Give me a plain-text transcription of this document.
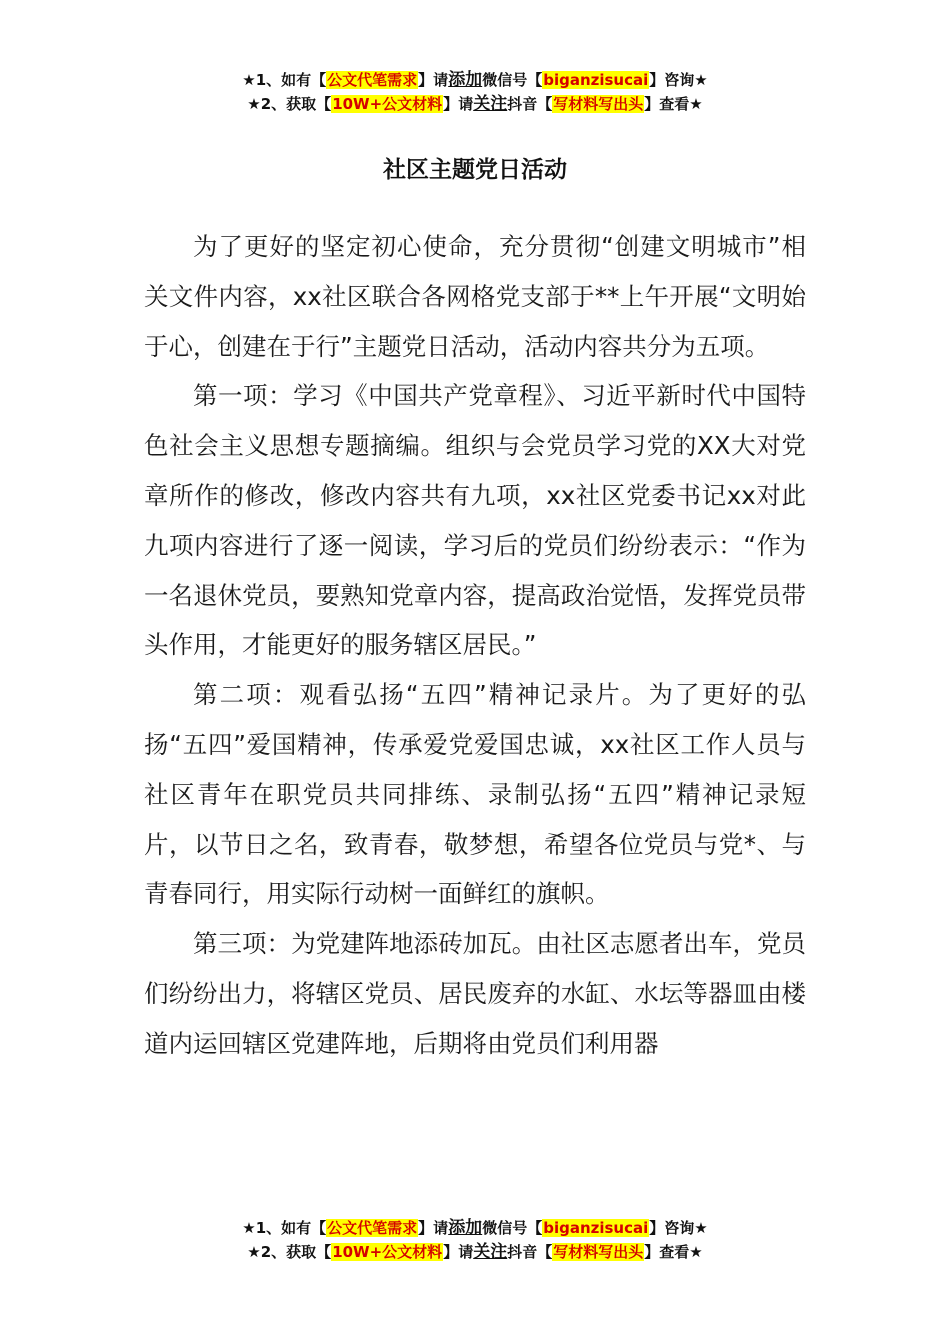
★1、如有【公文代笔需求】请添加微信号【biganzisucai】咨询★
★2、获取【10W+公文材料】请关注抖音【写材料写出头】查看★
社区主题党日活动

为了更好的坚定初心使命，充分贯彻“创建文明城市”相关文件内容，xx社区联合各网格党支部于**上午开展“文明始于心，创建在于行”主题党日活动，活动内容共分为五项。

第一项：学习《中国共产党章程》、习近平新时代中国特色社会主义思想专题摘编。组织与会党员学习党的XX大对党章所作的修改，修改内容共有九项，xx社区党委书记xx对此九项内容进行了逐一阅读，学习后的党员们纷纷表示：“作为一名退休党员，要熟知党章内容，提高政治觉悟，发挥党员带头作用，才能更好的服务辖区居民。”

第二项：观看弘扬“五四”精神记录片。为了更好的弘扬“五四”爱国精神，传承爱党爱国忠诚，xx社区工作人员与社区青年在职党员共同排练、录制弘扬“五四”精神记录短片，以节日之名，致青春，敬梦想，希望各位党员与党*、与青春同行，用实际行动树一面鲜红的旗帜。

第三项：为党建阵地添砖加瓦。由社区志愿者出车，党员们纷纷出力，将辖区党员、居民废弃的水缸、水坛等器皿由楼道内运回辖区党建阵地，后期将由党员们利用器

★1、如有【公文代笔需求】请添加微信号【biganzisucai】咨询★
★2、获取【10W+公文材料】请关注抖音【写材料写出头】查看★
